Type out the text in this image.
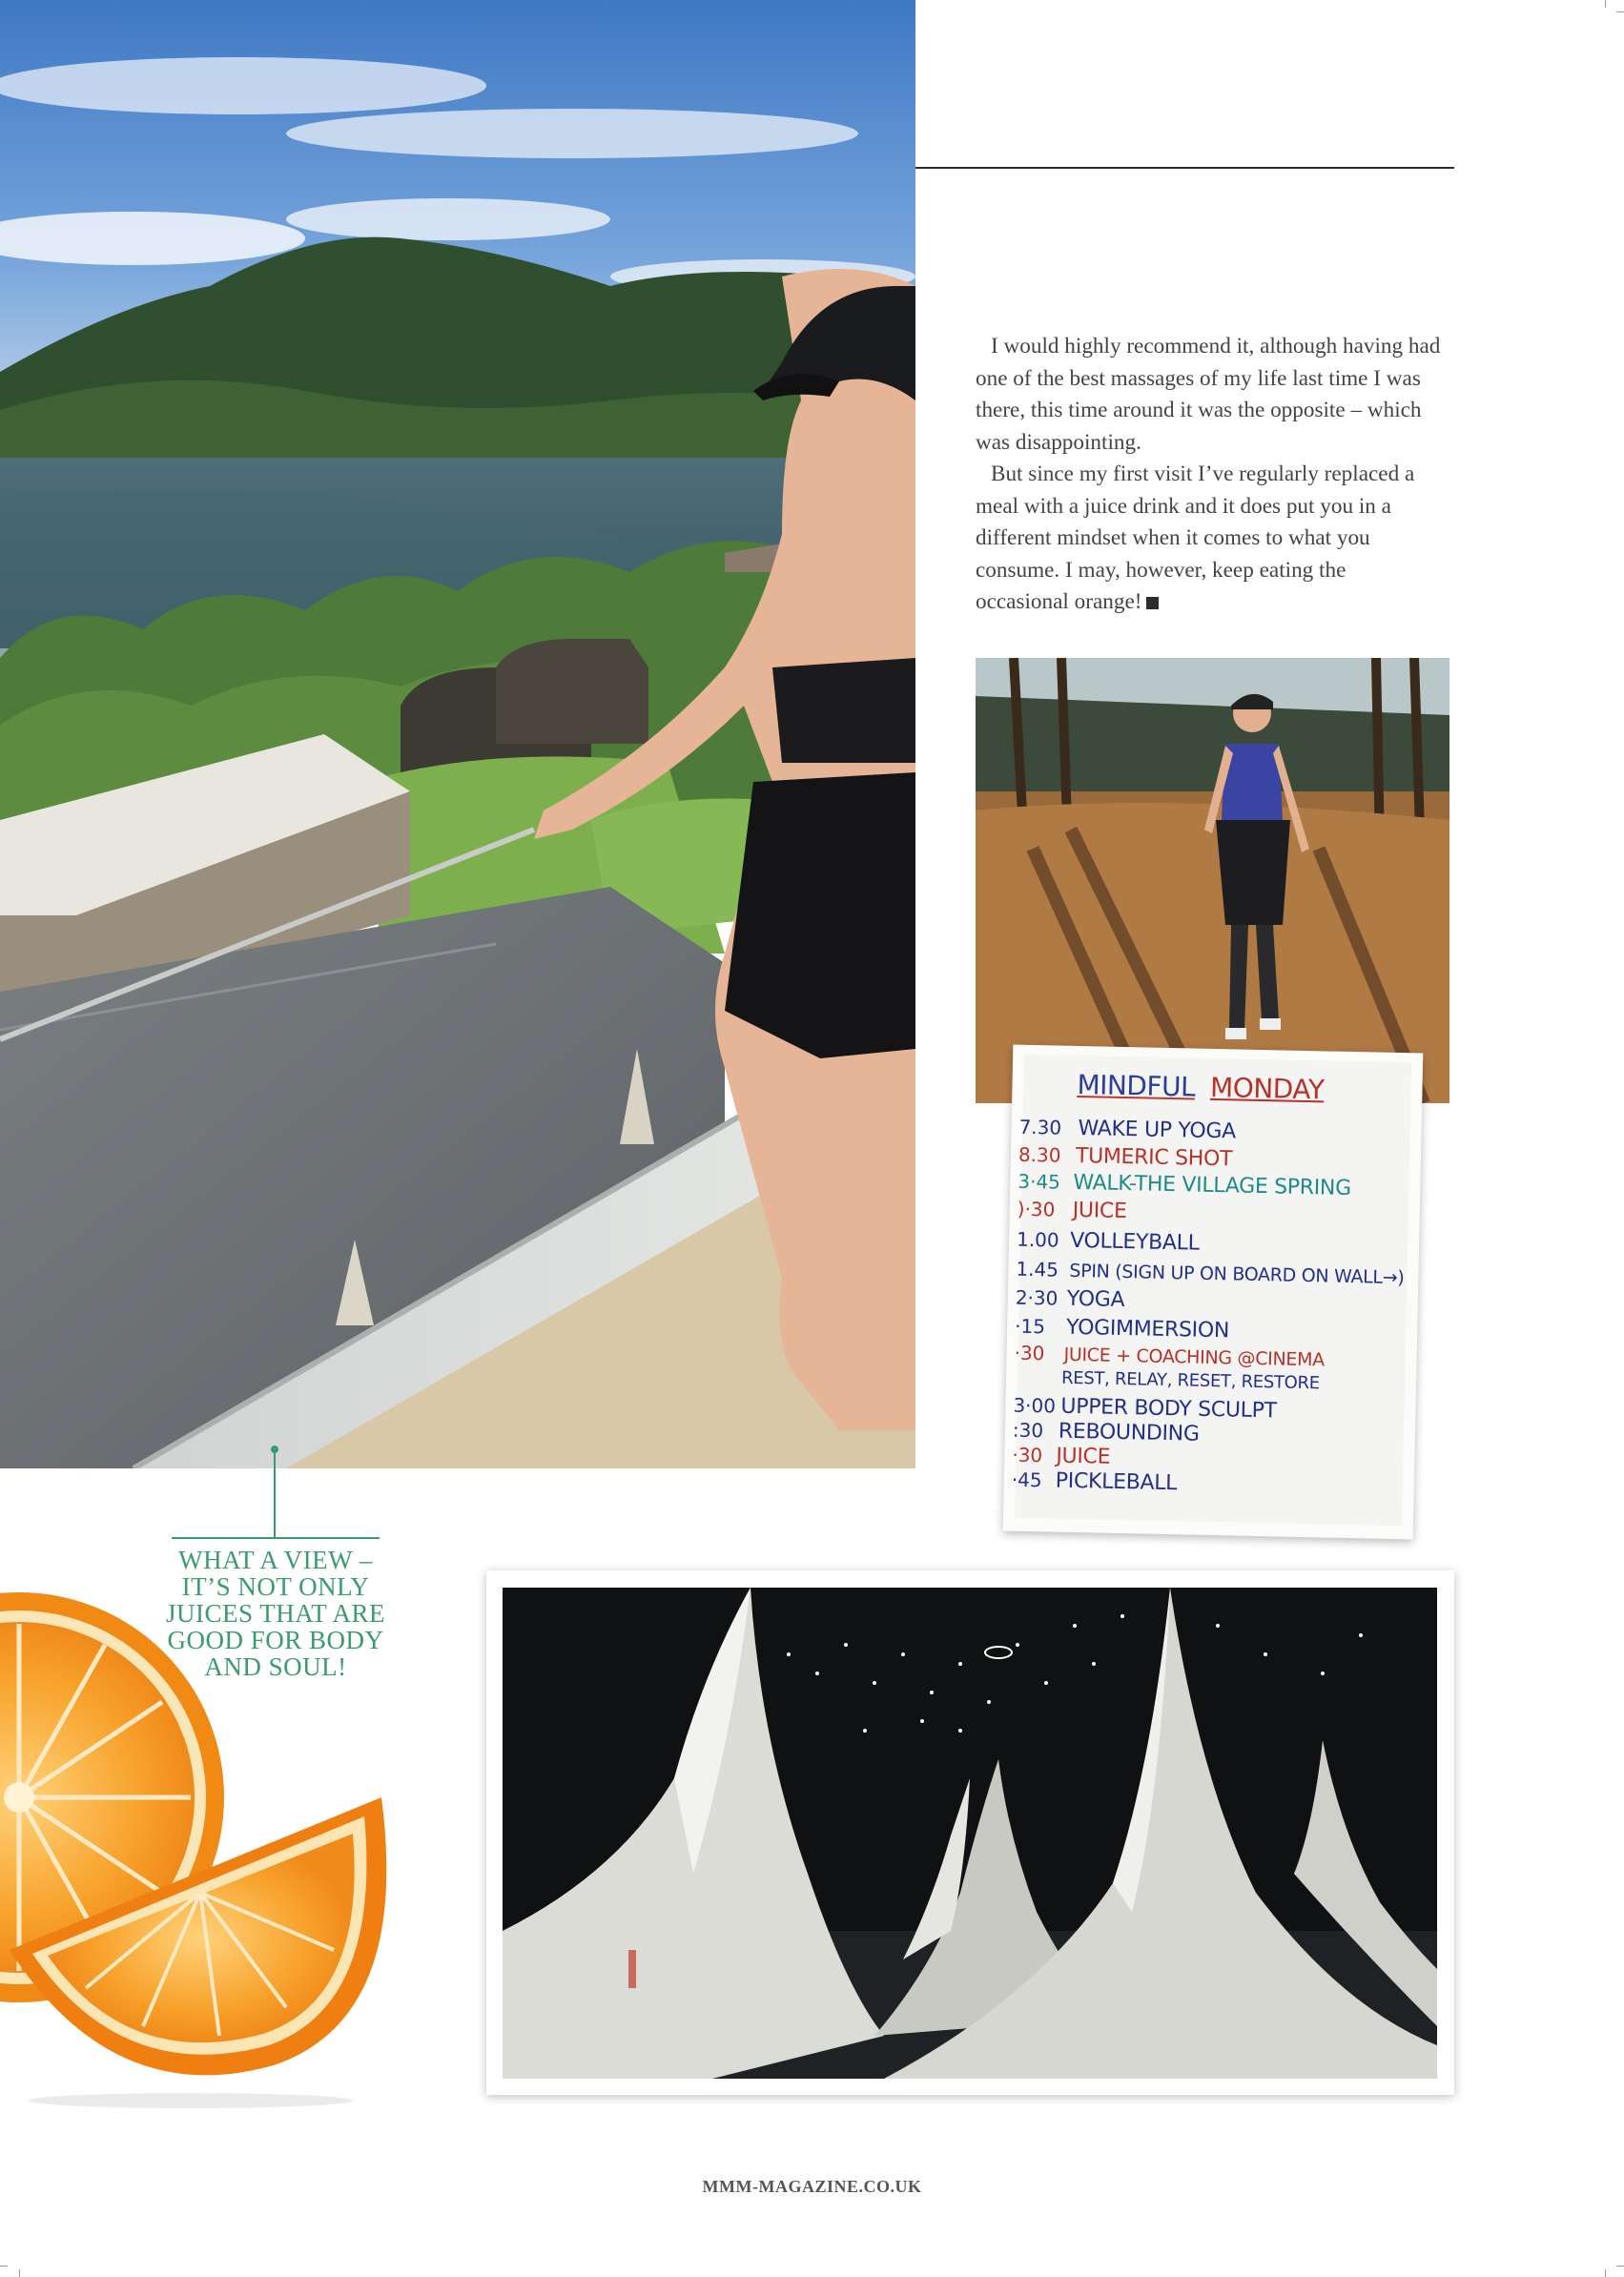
I would highly recommend it, although having had one of the best massages of my life last time I was there, this time around it was the opposite – which was disappointing.

But since my first visit I’ve regularly replaced a meal with a juice drink and it does put you in a different mindset when it comes to what you consume. I may, however, keep eating the occasional orange!

MINDFUL MONDAY
7.30 WAKE UP YOGA
8.30 TUMERIC SHOT
3·45 WALK-THE VILLAGE SPRING
)·30 JUICE
1.00 VOLLEYBALL
1.45 SPIN (SIGN UP ON BOARD ON WALL→)
2·30 YOGA
·15 YOGIMMERSION
·30 JUICE + COACHING @CINEMA
REST, RELAY, RESET, RESTORE
3·00 UPPER BODY SCULPT
:30 REBOUNDING
·30 JUICE
·45 PICKLEBALL
WHAT A VIEW – IT’S NOT ONLY JUICES THAT ARE GOOD FOR BODY AND SOUL!
MMM-MAGAZINE.CO.UK
